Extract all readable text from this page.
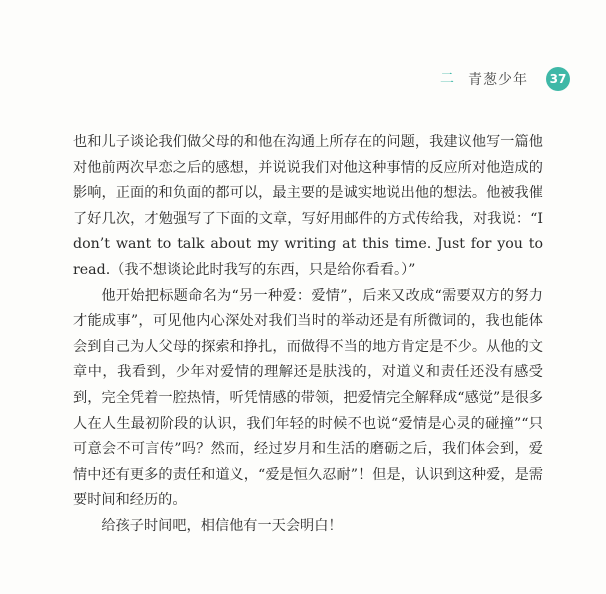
二 青葱少年	37

也和儿子谈论我们做父母的和他在沟通上所存在的问题，我建议他写一篇他对他前两次早恋之后的感想，并说说我们对他这种事情的反应所对他造成的影响，正面的和负面的都可以，最主要的是诚实地说出他的想法。他被我催了好几次，才勉强写了下面的文章，写好用邮件的方式传给我，对我说：“I don’t want to talk about my writing at this time. Just for you to read.（我不想谈论此时我写的东西，只是给你看看。）”

他开始把标题命名为“另一种爱：爱情”，后来又改成“需要双方的努力才能成事”，可见他内心深处对我们当时的举动还是有所微词的，我也能体会到自己为人父母的探索和挣扎，而做得不当的地方肯定是不少。从他的文章中，我看到，少年对爱情的理解还是肤浅的，对道义和责任还没有感受到，完全凭着一腔热情，听凭情感的带领，把爱情完全解释成“感觉”是很多人在人生最初阶段的认识，我们年轻的时候不也说“爱情是心灵的碰撞”“只可意会不可言传”吗？然而，经过岁月和生活的磨砺之后，我们体会到，爱情中还有更多的责任和道义，“爱是恒久忍耐”！但是，认识到这种爱，是需要时间和经历的。

给孩子时间吧，相信他有一天会明白！
